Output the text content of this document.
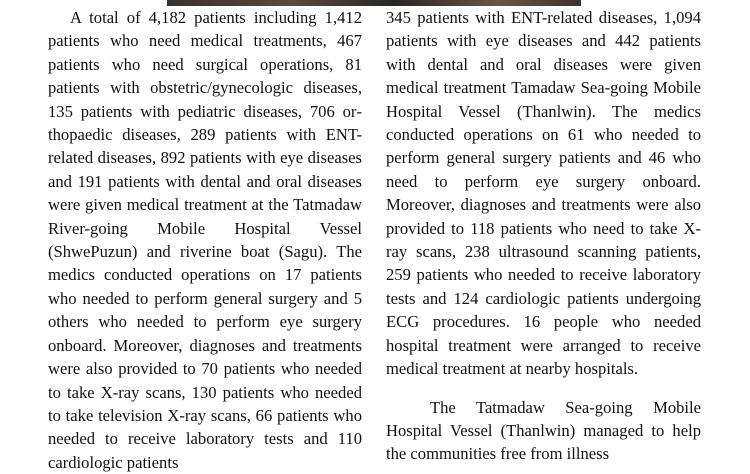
A total of 4,182 patients including 1,412 patients who need medical treatments, 467 patients who need surgical operations, 81 patients with obstetric/gynecologic diseases, 135 patients with pediatric diseases, 706 orthopaedic diseases, 289 patients with ENT-related diseases, 892 patients with eye diseases and 191 patients with dental and oral diseases were given medical treatment at the Tatmadaw River-going Mobile Hospital Vessel (ShwePuzun) and riverine boat (Sagu). The medics conducted operations on 17 patients who needed to perform general surgery and 5 others who needed to perform eye surgery onboard. Moreover, diagnoses and treatments were also provided to 70 patients who needed to take X-ray scans, 130 patients who needed to take television X-ray scans, 66 patients who needed to receive laboratory tests and 110 cardiologic patients

345 patients with ENT-related diseases, 1,094 patients with eye diseases and 442 patients with dental and oral diseases were given medical treatment Tamadaw Sea-going Mobile Hospital Vessel (Thanlwin). The medics conducted operations on 61 who needed to perform general surgery patients and 46 who need to perform eye surgery onboard. Moreover, diagnoses and treatments were also provided to 118 patients who need to take X-ray scans, 238 ultrasound scanning patients, 259 patients who needed to receive laboratory tests and 124 cardiologic patients undergoing ECG procedures. 16 people who needed hospital treatment were arranged to receive medical treatment at nearby hospitals.

The Tatmadaw Sea-going Mobile Hospital Vessel (Thanlwin) managed to help the communities free from illness
